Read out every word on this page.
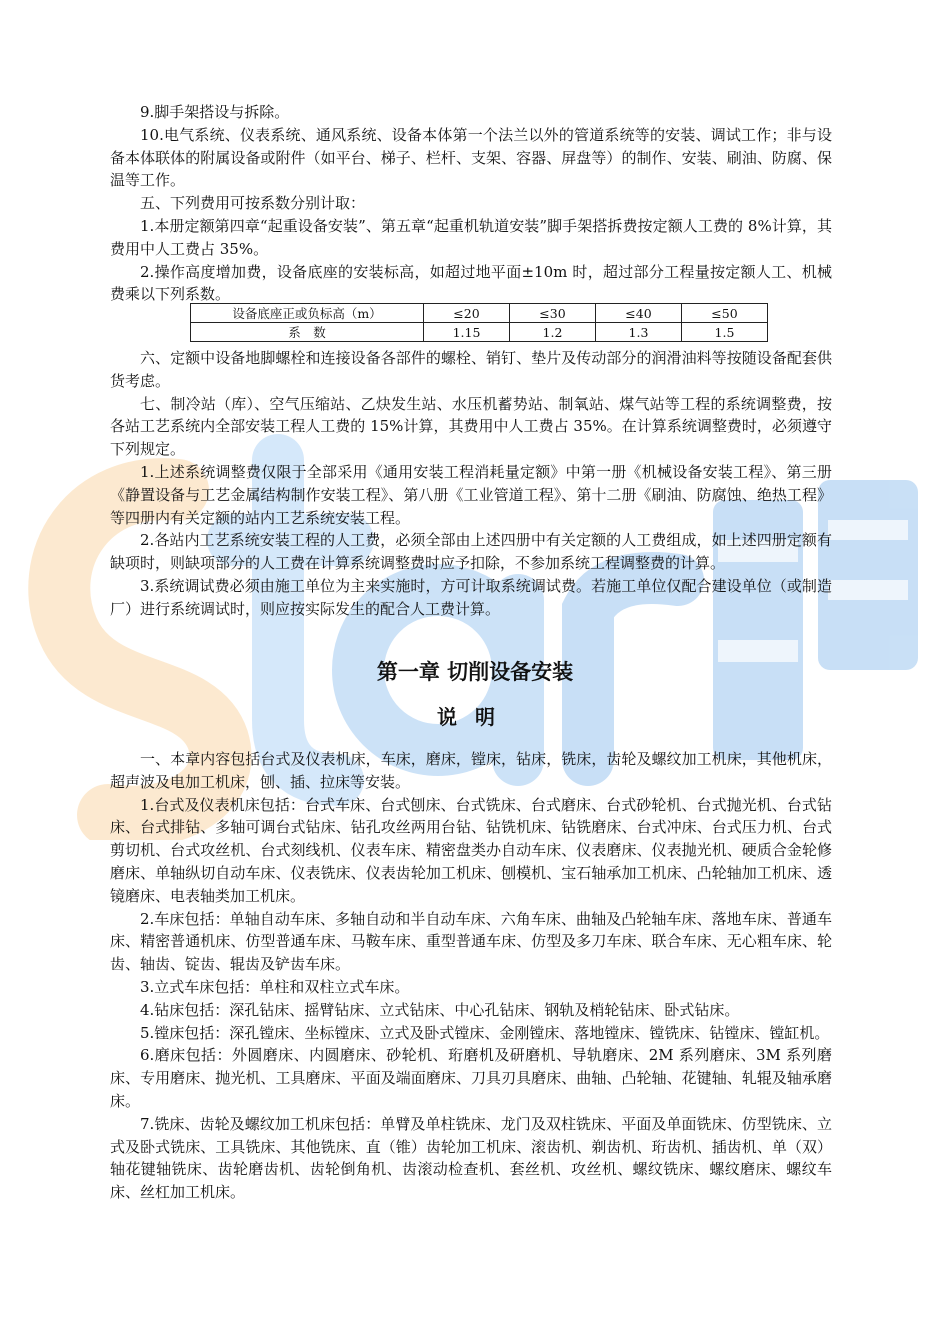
9.脚手架搭设与拆除。

10.电气系统、仪表系统、通风系统、设备本体第一个法兰以外的管道系统等的安装、调试工作；非与设备本体联体的附属设备或附件（如平台、梯子、栏杆、支架、容器、屏盘等）的制作、安装、刷油、防腐、保温等工作。

五、下列费用可按系数分别计取：

1.本册定额第四章“起重设备安装”、第五章“起重机轨道安装”脚手架搭拆费按定额人工费的 8%计算，其费用中人工费占 35%。

2.操作高度增加费，设备底座的安装标高，如超过地平面±10m 时，超过部分工程量按定额人工、机械费乘以下列系数。

设备底座正或负标高（m）	≤20	≤30	≤40	≤50
系　数	1.15	1.2	1.3	1.5

六、定额中设备地脚螺栓和连接设备各部件的螺栓、销钉、垫片及传动部分的润滑油料等按随设备配套供货考虑。

七、制冷站（库）、空气压缩站、乙炔发生站、水压机蓄势站、制氧站、煤气站等工程的系统调整费，按各站工艺系统内全部安装工程人工费的 15%计算，其费用中人工费占 35%。在计算系统调整费时，必须遵守下列规定。

1.上述系统调整费仅限于全部采用《通用安装工程消耗量定额》中第一册《机械设备安装工程》、第三册《静置设备与工艺金属结构制作安装工程》、第八册《工业管道工程》、第十二册《刷油、防腐蚀、绝热工程》等四册内有关定额的站内工艺系统安装工程。

2.各站内工艺系统安装工程的人工费，必须全部由上述四册中有关定额的人工费组成，如上述四册定额有缺项时，则缺项部分的人工费在计算系统调整费时应予扣除，不参加系统工程调整费的计算。

3.系统调试费必须由施工单位为主来实施时，方可计取系统调试费。若施工单位仅配合建设单位（或制造厂）进行系统调试时，则应按实际发生的配合人工费计算。

第一章 切削设备安装
说明

一、本章内容包括台式及仪表机床，车床，磨床，镗床，钻床，铣床，齿轮及螺纹加工机床，其他机床，超声波及电加工机床，刨、插、拉床等安装。

1.台式及仪表机床包括：台式车床、台式刨床、台式铣床、台式磨床、台式砂轮机、台式抛光机、台式钻床、台式排钻、多轴可调台式钻床、钻孔攻丝两用台钻、钻铣机床、钻铣磨床、台式冲床、台式压力机、台式剪切机、台式攻丝机、台式刻线机、仪表车床、精密盘类办自动车床、仪表磨床、仪表抛光机、硬质合金轮修磨床、单轴纵切自动车床、仪表铣床、仪表齿轮加工机床、刨模机、宝石轴承加工机床、凸轮轴加工机床、透镜磨床、电表轴类加工机床。

2.车床包括：单轴自动车床、多轴自动和半自动车床、六角车床、曲轴及凸轮轴车床、落地车床、普通车床、精密普通机床、仿型普通车床、马鞍车床、重型普通车床、仿型及多刀车床、联合车床、无心粗车床、轮齿、轴齿、锭齿、辊齿及铲齿车床。

3.立式车床包括：单柱和双柱立式车床。

4.钻床包括：深孔钻床、摇臂钻床、立式钻床、中心孔钻床、钢轨及梢轮钻床、卧式钻床。

5.镗床包括：深孔镗床、坐标镗床、立式及卧式镗床、金刚镗床、落地镗床、镗铣床、钻镗床、镗缸机。

6.磨床包括：外圆磨床、内圆磨床、砂轮机、珩磨机及研磨机、导轨磨床、2M 系列磨床、3M 系列磨床、专用磨床、抛光机、工具磨床、平面及端面磨床、刀具刃具磨床、曲轴、凸轮轴、花键轴、轧辊及轴承磨床。

7.铣床、齿轮及螺纹加工机床包括：单臂及单柱铣床、龙门及双柱铣床、平面及单面铣床、仿型铣床、立式及卧式铣床、工具铣床、其他铣床、直（锥）齿轮加工机床、滚齿机、剃齿机、珩齿机、插齿机、单（双）轴花键轴铣床、齿轮磨齿机、齿轮倒角机、齿滚动检查机、套丝机、攻丝机、螺纹铣床、螺纹磨床、螺纹车床、丝杠加工机床。
